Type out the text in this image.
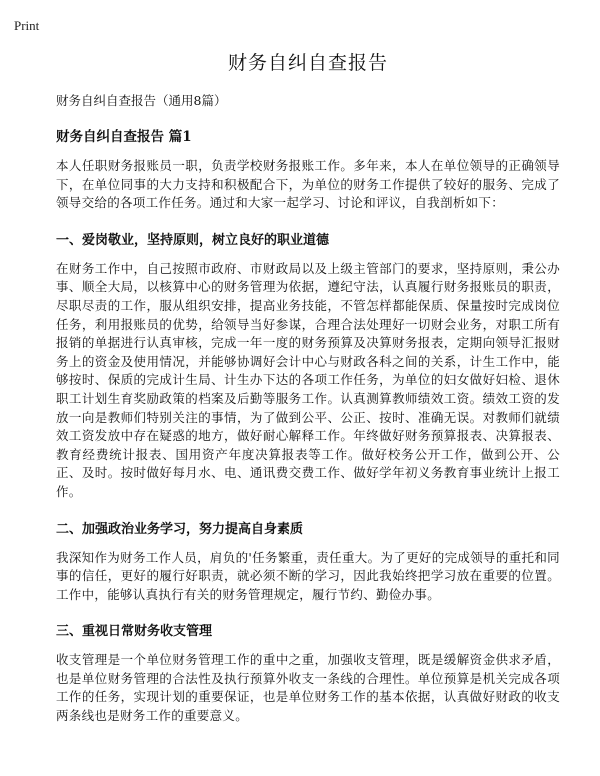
Print
财务自纠自查报告

财务自纠自查报告（通用8篇）

财务自纠自查报告 篇1

本人任职财务报账员一职，负责学校财务报账工作。多年来，本人在单位领导的正确领导下，在单位同事的大力支持和积极配合下，为单位的财务工作提供了较好的服务、完成了领导交给的各项工作任务。通过和大家一起学习、讨论和评议，自我剖析如下：

一、爱岗敬业，坚持原则，树立良好的职业道德

在财务工作中，自己按照市政府、市财政局以及上级主管部门的要求，坚持原则，秉公办事、顺全大局，以核算中心的财务管理为依据，遵纪守法，认真履行财务报账员的职责，尽职尽责的工作，服从组织安排，提高业务技能，不管怎样都能保质、保量按时完成岗位任务，利用报账员的优势，给领导当好参谋，合理合法处理好一切财会业务，对职工所有报销的单据进行认真审核，完成一年一度的财务预算及决算财务报表，定期向领导汇报财务上的资金及使用情况，并能够协调好会计中心与财政各科之间的关系，计生工作中，能够按时、保质的完成计生局、计生办下达的各项工作任务，为单位的妇女做好妇检、退休职工计划生育奖励政策的档案及后勤等服务工作。认真测算教师绩效工资。绩效工资的发放一向是教师们特别关注的事情，为了做到公平、公正、按时、准确无误。对教师们就绩效工资发放中存在疑惑的地方，做好耐心解释工作。年终做好财务预算报表、决算报表、教育经费统计报表、国用资产年度决算报表等工作。做好校务公开工作，做到公开、公正、及时。按时做好每月水、电、通讯费交费工作、做好学年初义务教育事业统计上报工作。

二、加强政治业务学习，努力提高自身素质

我深知作为财务工作人员，肩负的'任务繁重，责任重大。为了更好的完成领导的重托和同事的信任，更好的履行好职责，就必须不断的学习，因此我始终把学习放在重要的位置。工作中，能够认真执行有关的财务管理规定，履行节约、勤俭办事。

三、重视日常财务收支管理

收支管理是一个单位财务管理工作的重中之重，加强收支管理，既是缓解资金供求矛盾，也是单位财务管理的合法性及执行预算外收支一条线的合理性。单位预算是机关完成各项工作的任务，实现计划的重要保证，也是单位财务工作的基本依据，认真做好财政的收支两条线也是财务工作的重要意义。
